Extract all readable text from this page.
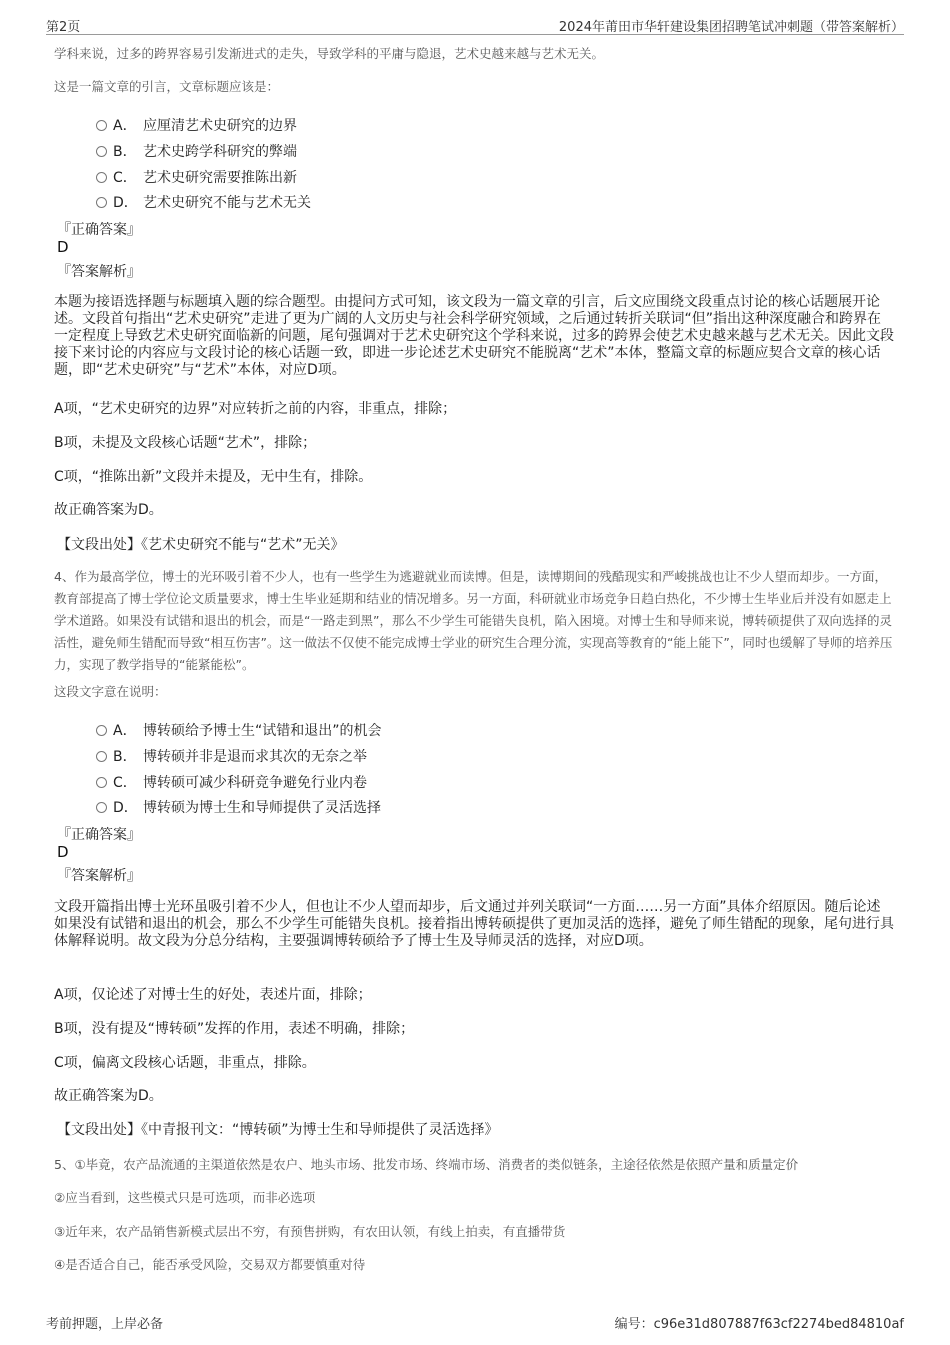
第2页	2024年莆田市华轩建设集团招聘笔试冲刺题（带答案解析）

学科来说，过多的跨界容易引发渐进式的走失，导致学科的平庸与隐退，艺术史越来越与艺术无关。

这是一篇文章的引言，文章标题应该是：

A． 应厘清艺术史研究的边界
B． 艺术史跨学科研究的弊端
C． 艺术史研究需要推陈出新
D． 艺术史研究不能与艺术无关
『正确答案』
D
『答案解析』

本题为接语选择题与标题填入题的综合题型。由提问方式可知，该文段为一篇文章的引言，后文应围绕文段重点讨论的核心话题展开论述。文段首句指出“艺术史研究”走进了更为广阔的人文历史与社会科学研究领域，之后通过转折关联词“但”指出这种深度融合和跨界在一定程度上导致艺术史研究面临新的问题，尾句强调对于艺术史研究这个学科来说，过多的跨界会使艺术史越来越与艺术无关。因此文段接下来讨论的内容应与文段讨论的核心话题一致，即进一步论述艺术史研究不能脱离“艺术”本体，整篇文章的标题应契合文章的核心话题，即“艺术史研究”与“艺术”本体，对应D项。

A项，“艺术史研究的边界”对应转折之前的内容，非重点，排除；

B项，未提及文段核心话题“艺术”，排除；

C项，“推陈出新”文段并未提及，无中生有，排除。

故正确答案为D。

【文段出处】《艺术史研究不能与“艺术”无关》

4、作为最高学位，博士的光环吸引着不少人，也有一些学生为逃避就业而读博。但是，读博期间的残酷现实和严峻挑战也让不少人望而却步。一方面，教育部提高了博士学位论文质量要求，博士生毕业延期和结业的情况增多。另一方面，科研就业市场竞争日趋白热化，不少博士生毕业后并没有如愿走上学术道路。如果没有试错和退出的机会，而是“一路走到黑”，那么不少学生可能错失良机，陷入困境。对博士生和导师来说，博转硕提供了双向选择的灵活性，避免师生错配而导致“相互伤害”。这一做法不仅使不能完成博士学业的研究生合理分流，实现高等教育的“能上能下”，同时也缓解了导师的培养压力，实现了教学指导的“能紧能松”。

这段文字意在说明：

A． 博转硕给予博士生“试错和退出”的机会
B． 博转硕并非是退而求其次的无奈之举
C． 博转硕可减少科研竞争避免行业内卷
D． 博转硕为博士生和导师提供了灵活选择
『正确答案』
D
『答案解析』

文段开篇指出博士光环虽吸引着不少人，但也让不少人望而却步，后文通过并列关联词“一方面……另一方面”具体介绍原因。随后论述如果没有试错和退出的机会，那么不少学生可能错失良机。接着指出博转硕提供了更加灵活的选择，避免了师生错配的现象，尾句进行具体解释说明。故文段为分总分结构，主要强调博转硕给予了博士生及导师灵活的选择，对应D项。

A项，仅论述了对博士生的好处，表述片面，排除；

B项，没有提及“博转硕”发挥的作用，表述不明确，排除；

C项，偏离文段核心话题，非重点，排除。

故正确答案为D。

【文段出处】《中青报刊文：“博转硕”为博士生和导师提供了灵活选择》

5、①毕竟，农产品流通的主渠道依然是农户、地头市场、批发市场、终端市场、消费者的类似链条，主途径依然是依照产量和质量定价

②应当看到，这些模式只是可选项，而非必选项

③近年来，农产品销售新模式层出不穷，有预售拼购，有农田认领，有线上拍卖，有直播带货

④是否适合自己，能否承受风险，交易双方都要慎重对待

考前押题，上岸必备	编号：c96e31d807887f63cf2274bed84810af
